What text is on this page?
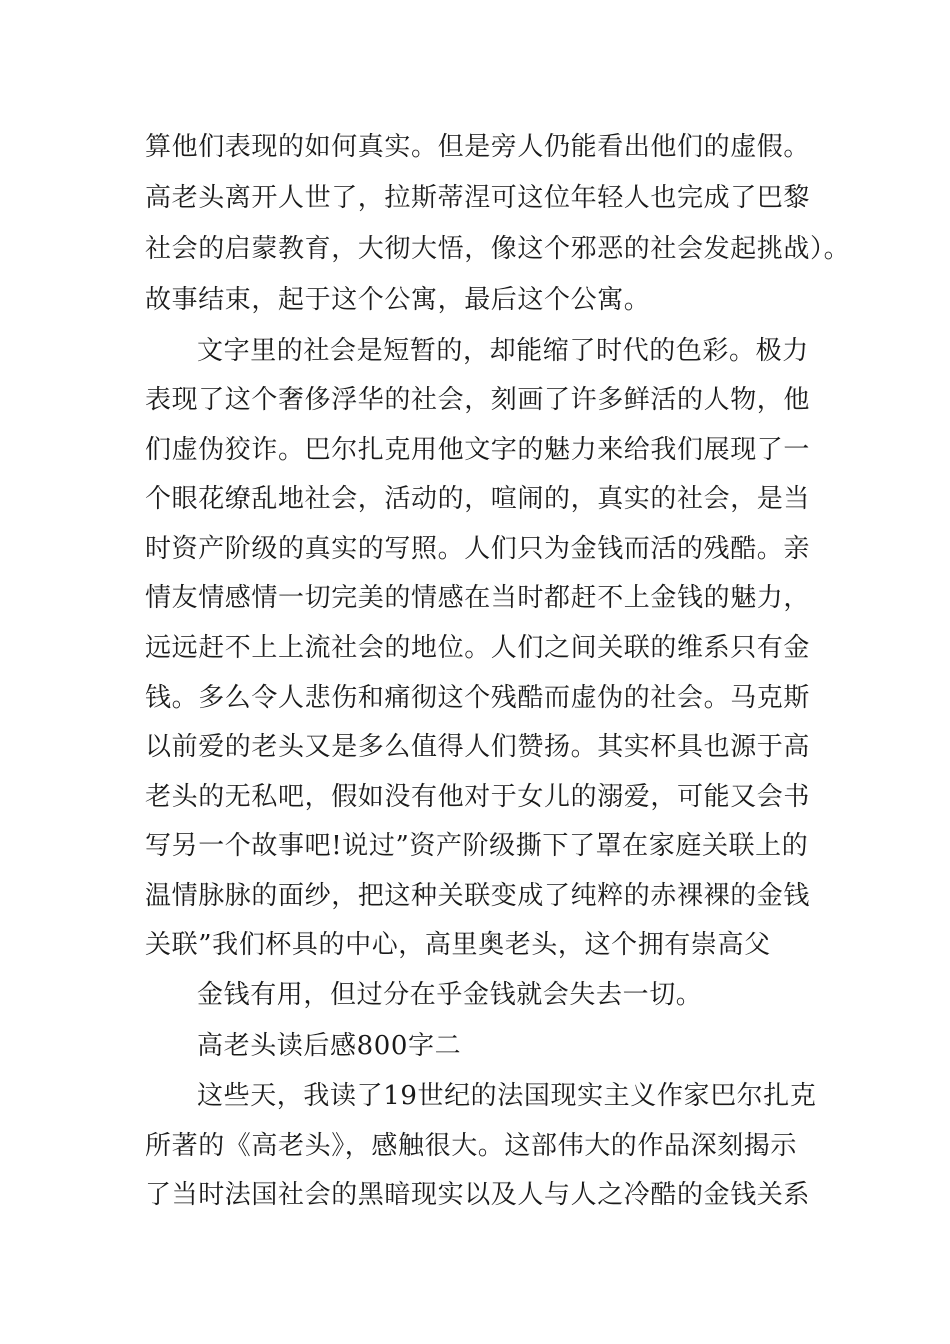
算他们表现的如何真实。但是旁人仍能看出他们的虚假。
高老头离开人世了，拉斯蒂涅可这位年轻人也完成了巴黎
社会的启蒙教育，大彻大悟，像这个邪恶的社会发起挑战）。
故事结束，起于这个公寓，最后这个公寓。
文字里的社会是短暂的，却能缩了时代的色彩。极力
表现了这个奢侈浮华的社会，刻画了许多鲜活的人物，他
们虚伪狡诈。巴尔扎克用他文字的魅力来给我们展现了一
个眼花缭乱地社会，活动的，喧闹的，真实的社会，是当
时资产阶级的真实的写照。人们只为金钱而活的残酷。亲
情友情感情一切完美的情感在当时都赶不上金钱的魅力，
远远赶不上上流社会的地位。人们之间关联的维系只有金
钱。多么令人悲伤和痛彻这个残酷而虚伪的社会。马克斯
以前爱的老头又是多么值得人们赞扬。其实杯具也源于高
老头的无私吧，假如没有他对于女儿的溺爱，可能又会书
写另一个故事吧!说过”资产阶级撕下了罩在家庭关联上的
温情脉脉的面纱，把这种关联变成了纯粹的赤裸裸的金钱
关联”我们杯具的中心，高里奥老头，这个拥有崇高父
金钱有用，但过分在乎金钱就会失去一切。
高老头读后感800字二
这些天，我读了19世纪的法国现实主义作家巴尔扎克
所著的《高老头》，感触很大。这部伟大的作品深刻揭示
了当时法国社会的黑暗现实以及人与人之冷酷的金钱关系
